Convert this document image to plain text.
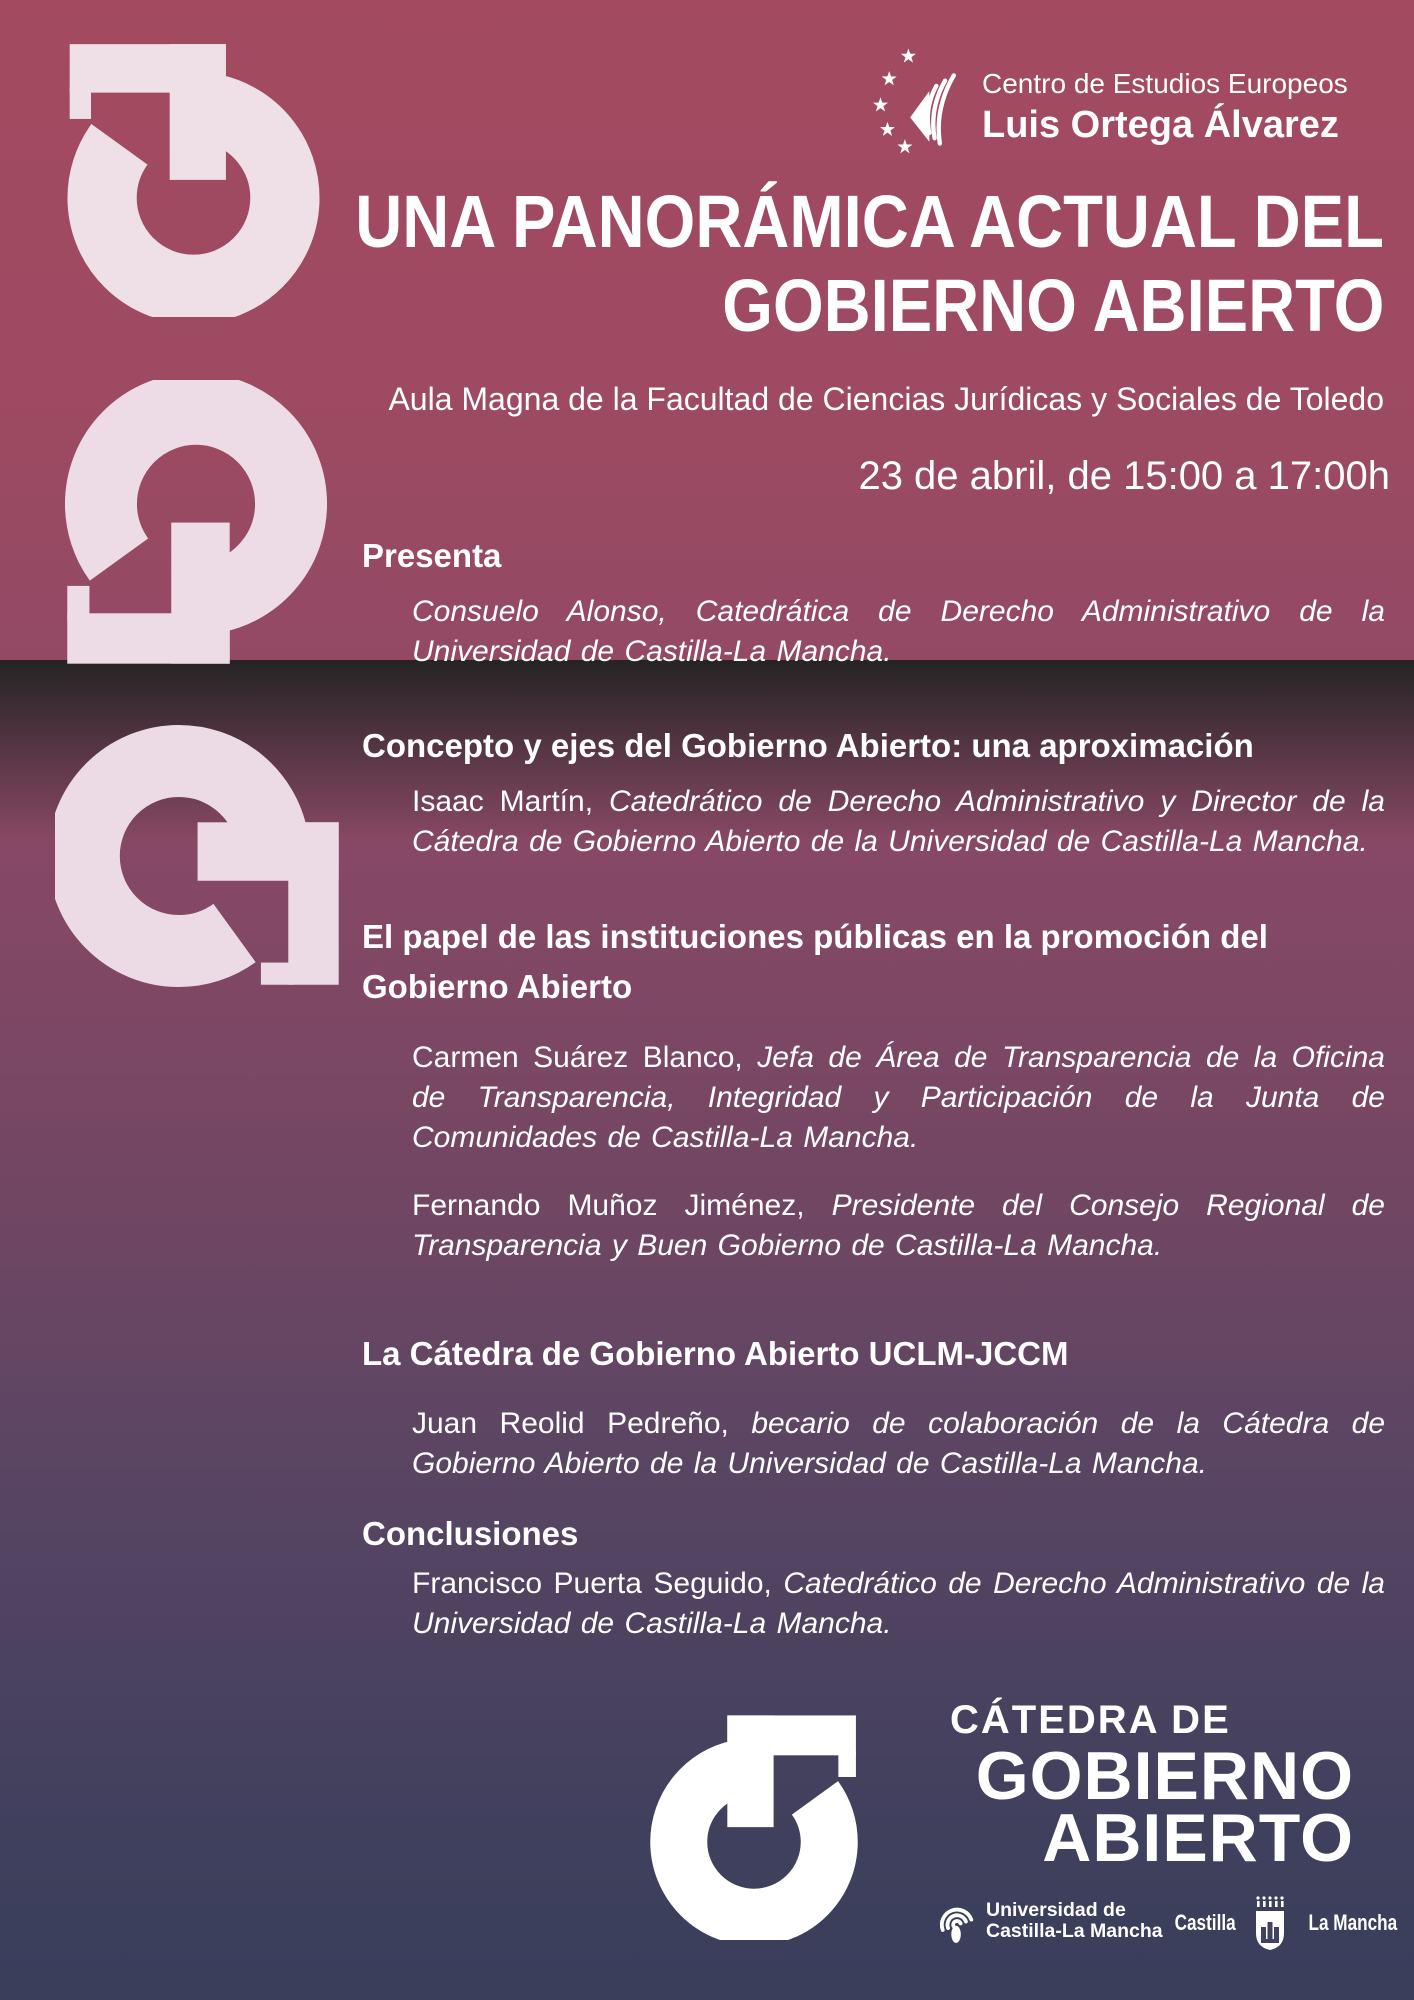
Centro de Estudios Europeos
Luis Ortega Álvarez
UNA PANORÁMICA ACTUAL DEL
GOBIERNO ABIERTO
Aula Magna de la Facultad de Ciencias Jurídicas y Sociales de Toledo
23 de abril, de 15:00 a 17:00h
Presenta

Consuelo Alonso, Catedrática de Derecho Administrativo de la Universidad de Castilla-La Mancha.

Concepto y ejes del Gobierno Abierto: una aproximación

Isaac Martín, Catedrático de Derecho Administrativo y Director de la Cátedra de Gobierno Abierto de la Universidad de Castilla-La Mancha.

El papel de las instituciones públicas en la promoción del Gobierno Abierto

Carmen Suárez Blanco, Jefa de Área de Transparencia de la Oficina de Transparencia, Integridad y Participación de la Junta de Comunidades de Castilla-La Mancha.

Fernando Muñoz Jiménez, Presidente del Consejo Regional de Transparencia y Buen Gobierno de Castilla-La Mancha.

La Cátedra de Gobierno Abierto UCLM-JCCM

Juan Reolid Pedreño, becario de colaboración de la Cátedra de Gobierno Abierto de la Universidad de Castilla-La Mancha.

Conclusiones

Francisco Puerta Seguido, Catedrático de Derecho Administrativo de la Universidad de Castilla-La Mancha.

CÁTEDRA DE
GOBIERNO
ABIERTO
Universidad de
Castilla-La Mancha Castilla	La Mancha
